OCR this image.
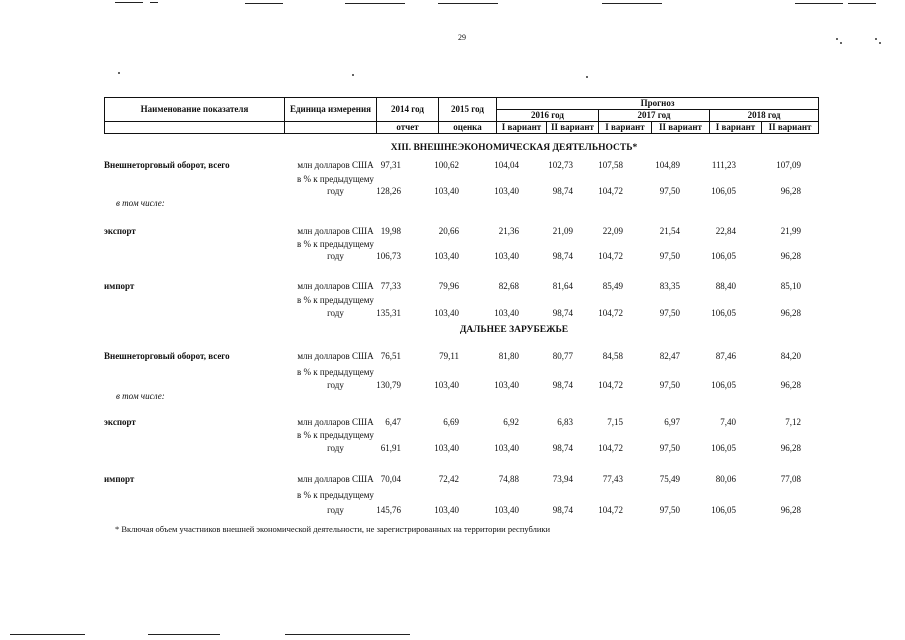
29
Наименование показателя	Единица измерения	2014 год	2015 год	Прогноз					
				2016 год		2017 год		2018 год	
		отчет	оценка	I вариант	II вариант	I вариант	II вариант	I вариант	II вариант
XIII. ВНЕШНЕЭКОНОМИЧЕСКАЯ ДЕЯТЕЛЬНОСТЬ*
Внешнеторговый оборот, всего	млн долларов США 97,31	100,62	104,04	102,73	107,58	104,89	111,23	107,09
в % к предыдущему
году	128,26	103,40	103,40	98,74	104,72	97,50	106,05	96,28
в том числе:
экспорт	млн долларов США 19,98	20,66	21,36	21,09	22,09	21,54	22,84	21,99
в % к предыдущему
году	106,73	103,40	103,40	98,74	104,72	97,50	106,05	96,28
импорт	млн долларов США 77,33	79,96	82,68	81,64	85,49	83,35	88,40	85,10
в % к предыдущему
году	135,31	103,40	103,40	98,74	104,72	97,50	106,05	96,28
ДАЛЬНЕЕ ЗАРУБЕЖЬЕ
Внешнеторговый оборот, всего	млн долларов США 76,51	79,11	81,80	80,77	84,58	82,47	87,46	84,20
в % к предыдущему
году	130,79	103,40	103,40	98,74	104,72	97,50	106,05	96,28
в том числе:
экспорт	млн долларов США	6,47	6,69	6,92	6,83	7,15	6,97	7,40	7,12
в % к предыдущему
году	61,91	103,40	103,40	98,74	104,72	97,50	106,05	96,28
импорт	млн долларов США 70,04	72,42	74,88	73,94	77,43	75,49	80,06	77,08
в % к предыдущему
году	145,76	103,40	103,40	98,74	104,72	97,50	106,05	96,28
* Включая объем участников внешней экономической деятельности, не зарегистрированных на территории республики
